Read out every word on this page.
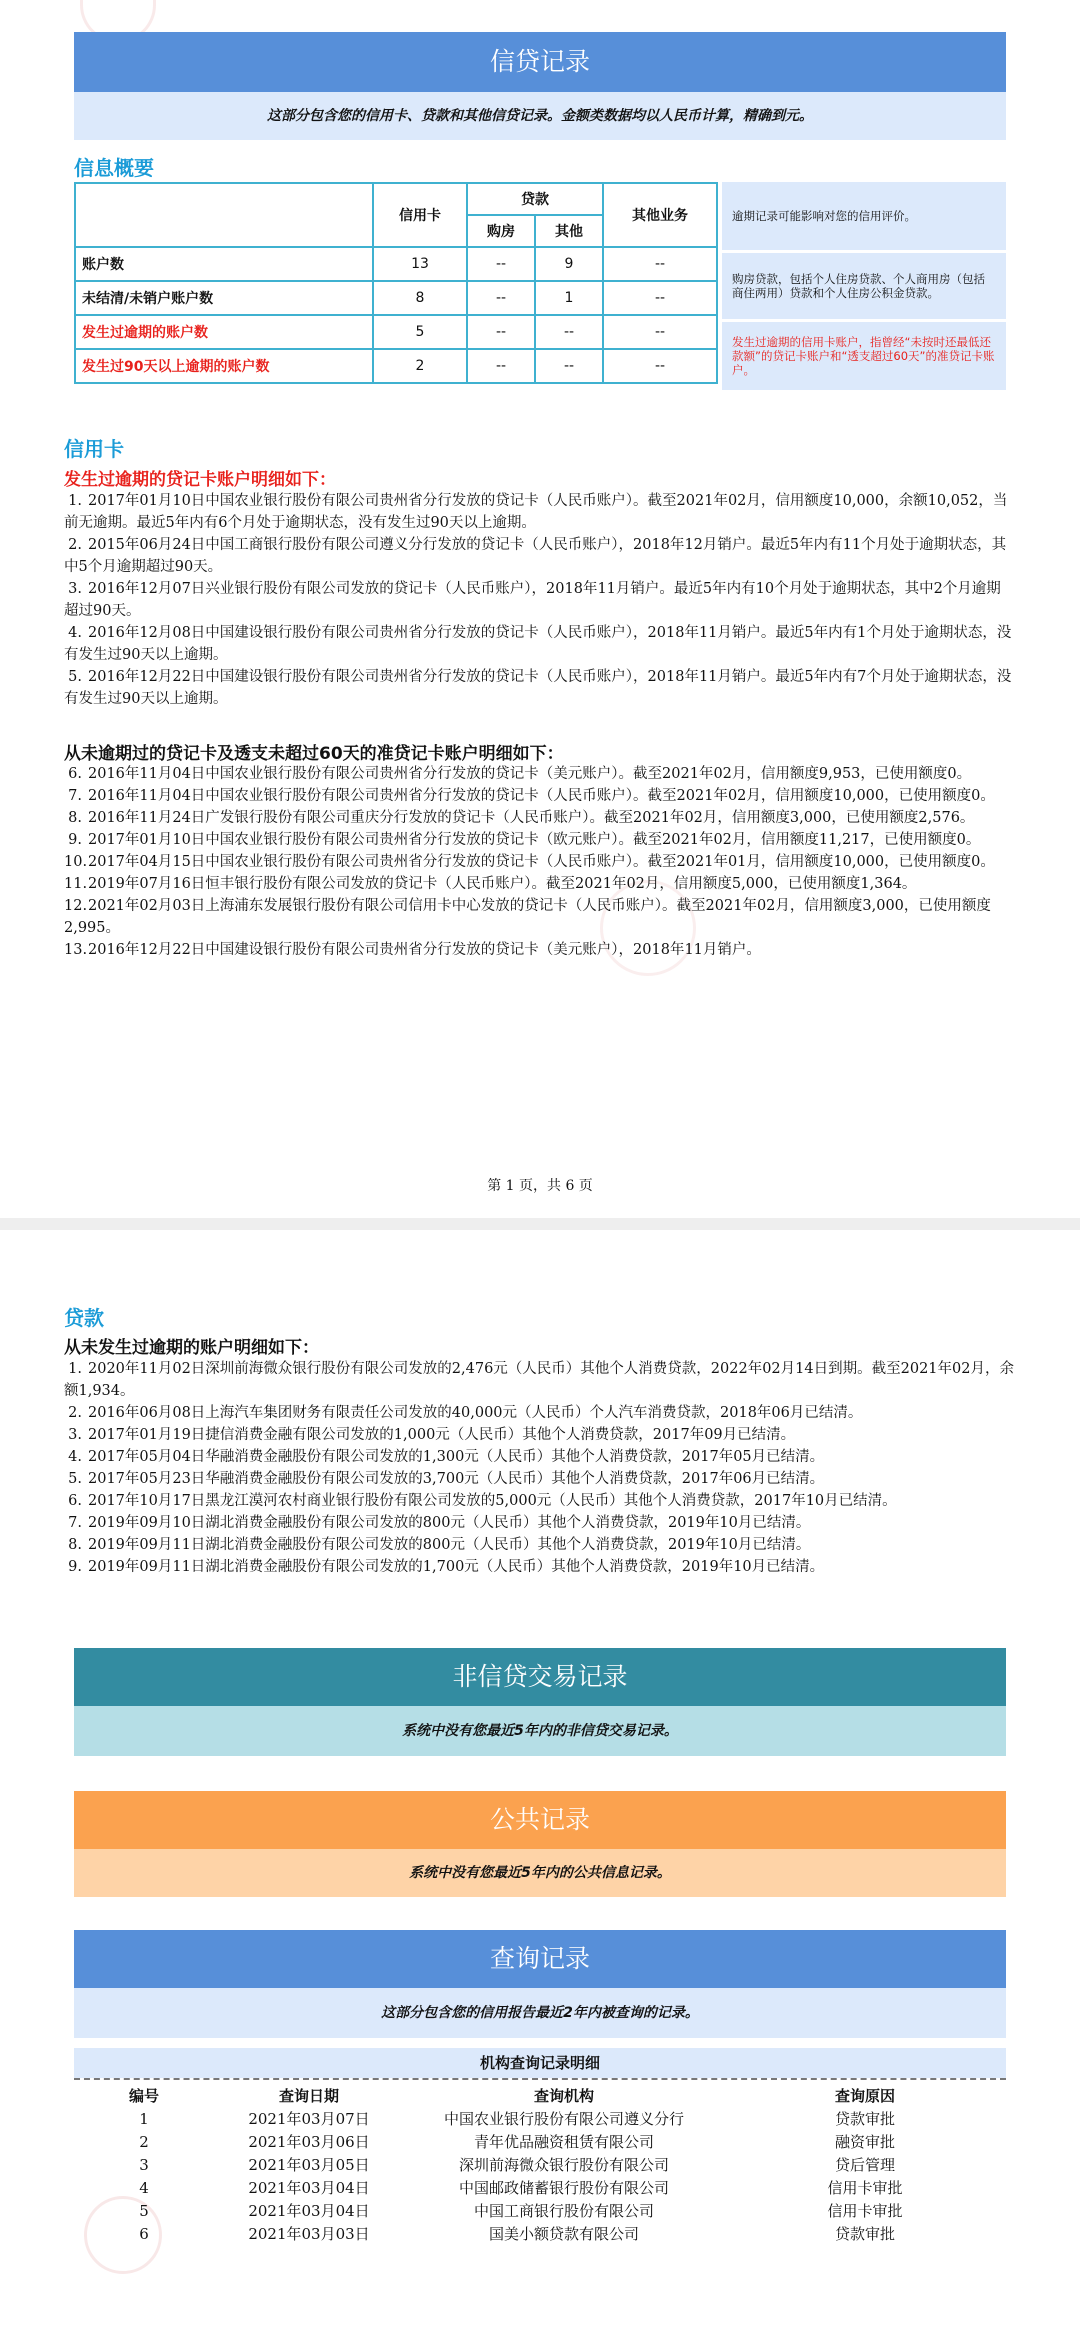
信贷记录
这部分包含您的信用卡、贷款和其他信贷记录。金额类数据均以人民币计算，精确到元。
信息概要
	信用卡	贷款		其他业务
		购房	其他	
账户数	13	--	9	--
未结清/未销户账户数	8	--	1	--
发生过逾期的账户数	5	--	--	--
发生过90天以上逾期的账户数	2	--	--	--
逾期记录可能影响对您的信用评价。
购房贷款，包括个人住房贷款、个人商用房（包括商住两用）贷款和个人住房公积金贷款。
发生过逾期的信用卡账户，指曾经“未按时还最低还款额”的贷记卡账户和“透支超过60天”的准贷记卡账户。
信用卡
发生过逾期的贷记卡账户明细如下：
1. 2017年01月10日中国农业银行股份有限公司贵州省分行发放的贷记卡（人民币账户）。截至2021年02月，信用额度10,000，余额10,052，当前无逾期。最近5年内有6个月处于逾期状态，没有发生过90天以上逾期。
2. 2015年06月24日中国工商银行股份有限公司遵义分行发放的贷记卡（人民币账户），2018年12月销户。最近5年内有11个月处于逾期状态，其中5个月逾期超过90天。
3. 2016年12月07日兴业银行股份有限公司发放的贷记卡（人民币账户），2018年11月销户。最近5年内有10个月处于逾期状态，其中2个月逾期超过90天。
4. 2016年12月08日中国建设银行股份有限公司贵州省分行发放的贷记卡（人民币账户），2018年11月销户。最近5年内有1个月处于逾期状态，没有发生过90天以上逾期。
5. 2016年12月22日中国建设银行股份有限公司贵州省分行发放的贷记卡（人民币账户），2018年11月销户。最近5年内有7个月处于逾期状态，没有发生过90天以上逾期。
从未逾期过的贷记卡及透支未超过60天的准贷记卡账户明细如下：
6. 2016年11月04日中国农业银行股份有限公司贵州省分行发放的贷记卡（美元账户）。截至2021年02月，信用额度9,953，已使用额度0。
7. 2016年11月04日中国农业银行股份有限公司贵州省分行发放的贷记卡（人民币账户）。截至2021年02月，信用额度10,000，已使用额度0。
8. 2016年11月24日广发银行股份有限公司重庆分行发放的贷记卡（人民币账户）。截至2021年02月，信用额度3,000，已使用额度2,576。
9. 2017年01月10日中国农业银行股份有限公司贵州省分行发放的贷记卡（欧元账户）。截至2021年02月，信用额度11,217，已使用额度0。
10.2017年04月15日中国农业银行股份有限公司贵州省分行发放的贷记卡（人民币账户）。截至2021年01月，信用额度10,000，已使用额度0。
11.2019年07月16日恒丰银行股份有限公司发放的贷记卡（人民币账户）。截至2021年02月，信用额度5,000，已使用额度1,364。
12.2021年02月03日上海浦东发展银行股份有限公司信用卡中心发放的贷记卡（人民币账户）。截至2021年02月，信用额度3,000，已使用额度2,995。
13.2016年12月22日中国建设银行股份有限公司贵州省分行发放的贷记卡（美元账户），2018年11月销户。
第 1 页，共 6 页
贷款
从未发生过逾期的账户明细如下：
1. 2020年11月02日深圳前海微众银行股份有限公司发放的2,476元（人民币）其他个人消费贷款，2022年02月14日到期。截至2021年02月，余额1,934。
2. 2016年06月08日上海汽车集团财务有限责任公司发放的40,000元（人民币）个人汽车消费贷款，2018年06月已结清。
3. 2017年01月19日捷信消费金融有限公司发放的1,000元（人民币）其他个人消费贷款，2017年09月已结清。
4. 2017年05月04日华融消费金融股份有限公司发放的1,300元（人民币）其他个人消费贷款，2017年05月已结清。
5. 2017年05月23日华融消费金融股份有限公司发放的3,700元（人民币）其他个人消费贷款，2017年06月已结清。
6. 2017年10月17日黑龙江漠河农村商业银行股份有限公司发放的5,000元（人民币）其他个人消费贷款，2017年10月已结清。
7. 2019年09月10日湖北消费金融股份有限公司发放的800元（人民币）其他个人消费贷款，2019年10月已结清。
8. 2019年09月11日湖北消费金融股份有限公司发放的800元（人民币）其他个人消费贷款，2019年10月已结清。
9. 2019年09月11日湖北消费金融股份有限公司发放的1,700元（人民币）其他个人消费贷款，2019年10月已结清。
非信贷交易记录
系统中没有您最近5年内的非信贷交易记录。
公共记录
系统中没有您最近5年内的公共信息记录。
查询记录
这部分包含您的信用报告最近2年内被查询的记录。
机构查询记录明细
编号	查询日期	查询机构	查询原因
1	2021年03月07日	中国农业银行股份有限公司遵义分行	贷款审批
2	2021年03月06日	青年优品融资租赁有限公司	融资审批
3	2021年03月05日	深圳前海微众银行股份有限公司	贷后管理
4	2021年03月04日	中国邮政储蓄银行股份有限公司	信用卡审批
5	2021年03月04日	中国工商银行股份有限公司	信用卡审批
6	2021年03月03日	国美小额贷款有限公司	贷款审批
